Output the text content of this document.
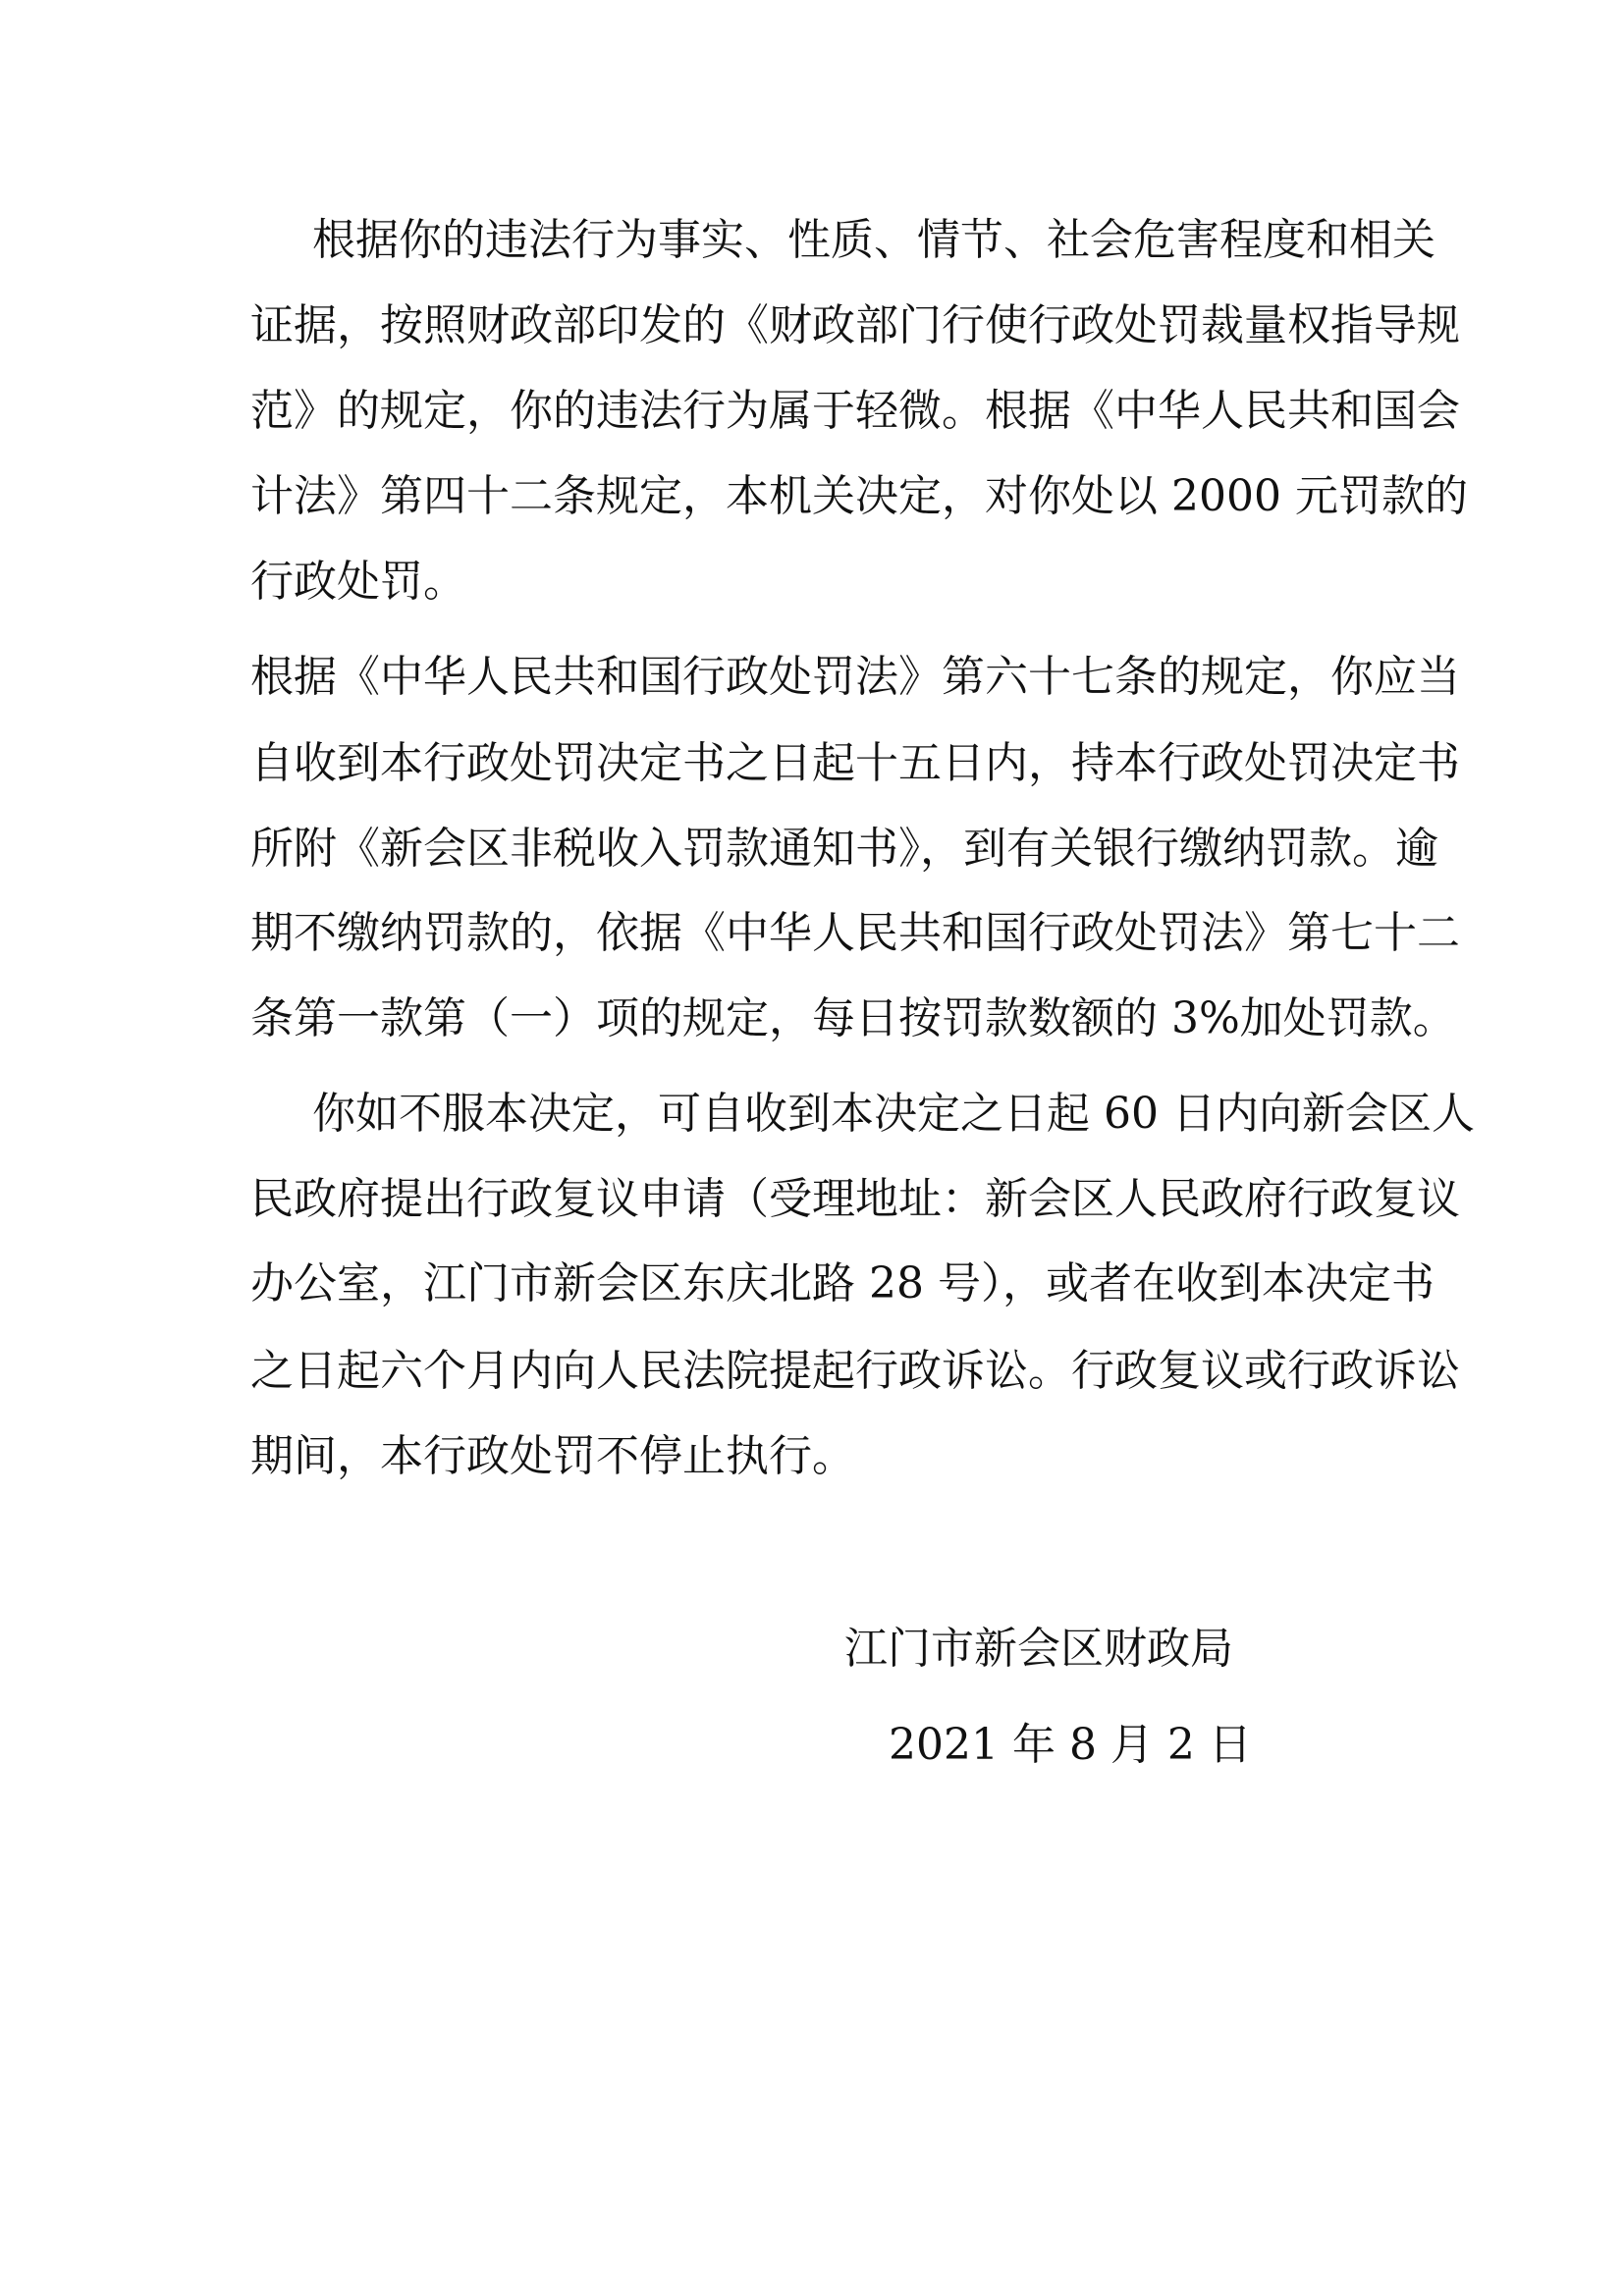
根据你的违法行为事实、性质、情节、社会危害程度和相关
证据，按照财政部印发的《财政部门行使行政处罚裁量权指导规
范》的规定，你的违法行为属于轻微。根据《中华人民共和国会
计法》第四十二条规定，本机关决定，对你处以 2000 元罚款的
行政处罚。
根据《中华人民共和国行政处罚法》第六十七条的规定，你应当
自收到本行政处罚决定书之日起十五日内，持本行政处罚决定书
所附《新会区非税收入罚款通知书》，到有关银行缴纳罚款。逾
期不缴纳罚款的，依据《中华人民共和国行政处罚法》第七十二
条第一款第（一）项的规定，每日按罚款数额的 3%加处罚款。
你如不服本决定，可自收到本决定之日起 60 日内向新会区人
民政府提出行政复议申请（受理地址：新会区人民政府行政复议
办公室，江门市新会区东庆北路 28 号），或者在收到本决定书
之日起六个月内向人民法院提起行政诉讼。行政复议或行政诉讼
期间，本行政处罚不停止执行。
江门市新会区财政局
2021 年 8 月 2 日
